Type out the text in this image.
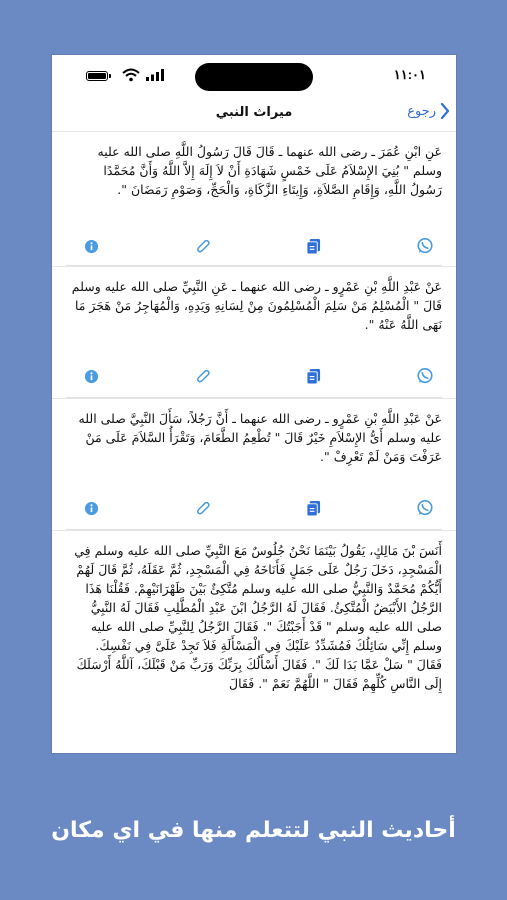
١١:٠١
ميراث النبي	رجوع
عَنِ ابْنِ عُمَرَ ـ رضى الله عنهما ـ قَالَ قَالَ رَسُولُ اللَّهِ صلى الله عليه وسلم " بُنِيَ الإِسْلاَمُ عَلَى خَمْسٍ شَهَادَةِ أَنْ لاَ إِلَهَ إِلاَّ اللَّهُ وَأَنَّ مُحَمَّدًا رَسُولُ اللَّهِ، وَإِقَامِ الصَّلاَةِ، وَإِيتَاءِ الزَّكَاةِ، وَالْحَجِّ، وَصَوْمِ رَمَضَانَ ".
عَنْ عَبْدِ اللَّهِ بْنِ عَمْرٍو ـ رضى الله عنهما ـ عَنِ النَّبِيِّ صلى الله عليه وسلم قَالَ " الْمُسْلِمُ مَنْ سَلِمَ الْمُسْلِمُونَ مِنْ لِسَانِهِ وَيَدِهِ، وَالْمُهَاجِرُ مَنْ هَجَرَ مَا نَهَى اللَّهُ عَنْهُ ".
عَنْ عَبْدِ اللَّهِ بْنِ عَمْرٍو ـ رضى الله عنهما ـ أَنَّ رَجُلاً، سَأَلَ النَّبِيَّ صلى الله عليه وسلم أَىُّ الإِسْلاَمِ خَيْرٌ قَالَ " تُطْعِمُ الطَّعَامَ، وَتَقْرَأُ السَّلاَمَ عَلَى مَنْ عَرَفْتَ وَمَنْ لَمْ تَعْرِفْ ".
أَنَسَ بْنَ مَالِكٍ، يَقُولُ بَيْنَمَا نَحْنُ جُلُوسٌ مَعَ النَّبِيِّ صلى الله عليه وسلم فِي الْمَسْجِدِ، دَخَلَ رَجُلٌ عَلَى جَمَلٍ فَأَنَاخَهُ فِي الْمَسْجِدِ، ثُمَّ عَقَلَهُ، ثُمَّ قَالَ لَهُمْ أَيُّكُمْ مُحَمَّدٌ وَالنَّبِيُّ صلى الله عليه وسلم مُتَّكِئٌ بَيْنَ ظَهْرَانَيْهِمْ. فَقُلْنَا هَذَا الرَّجُلُ الأَبْيَضُ الْمُتَّكِئُ. فَقَالَ لَهُ الرَّجُلُ ابْنَ عَبْدِ الْمُطَّلِبِ فَقَالَ لَهُ النَّبِيُّ صلى الله عليه وسلم " قَدْ أَجَبْتُكَ ". فَقَالَ الرَّجُلُ لِلنَّبِيِّ صلى الله عليه وسلم إِنِّي سَائِلُكَ فَمُشَدِّدٌ عَلَيْكَ فِي الْمَسْأَلَةِ فَلاَ تَجِدْ عَلَىَّ فِي نَفْسِكَ. فَقَالَ " سَلْ عَمَّا بَدَا لَكَ ". فَقَالَ أَسْأَلُكَ بِرَبِّكَ وَرَبِّ مَنْ قَبْلَكَ، آللَّهُ أَرْسَلَكَ إِلَى النَّاسِ كُلِّهِمْ فَقَالَ " اللَّهُمَّ نَعَمْ ". فَقَالَ
أحاديث النبي لتتعلم منها في اي مكان
